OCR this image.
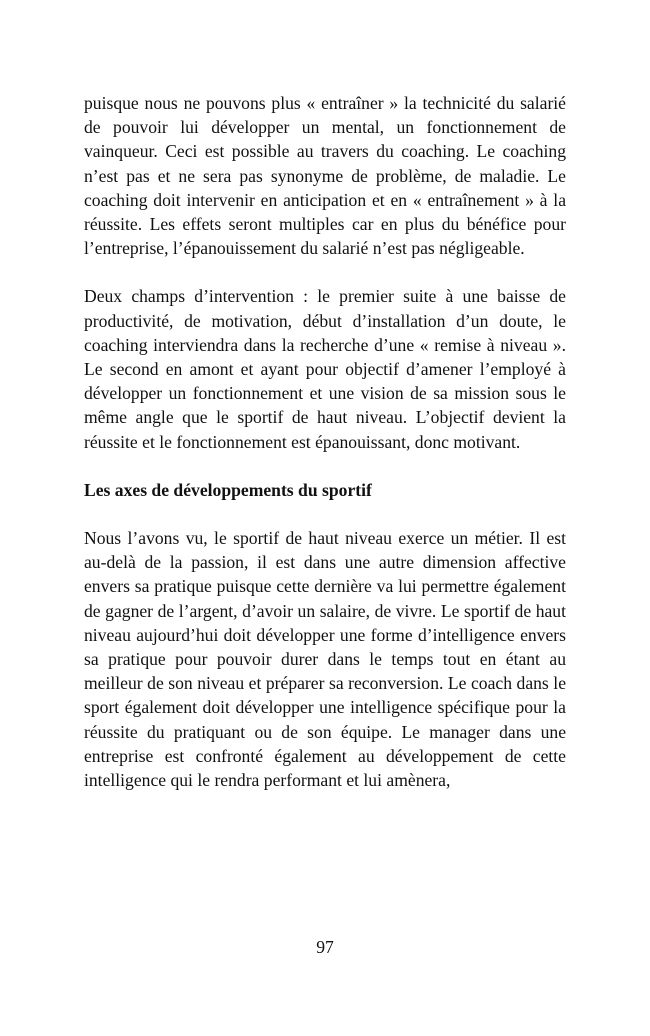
puisque nous ne pouvons plus « entraîner » la technicité du salarié de pouvoir lui développer un mental, un fonctionnement de vainqueur. Ceci est possible au travers du coaching. Le coaching n’est pas et ne sera pas synonyme de problème, de maladie. Le coaching doit intervenir en anticipation et en « entraînement » à la réussite. Les effets seront multiples car en plus du bénéfice pour l’entreprise, l’épanouissement du salarié n’est pas négligeable.

Deux champs d’intervention : le premier suite à une baisse de productivité, de motivation, début d’installation d’un doute, le coaching interviendra dans la recherche d’une « remise à niveau ». Le second en amont et ayant pour objectif d’amener l’employé à développer un fonctionnement et une vision de sa mission sous le même angle que le sportif de haut niveau. L’objectif devient la réussite et le fonctionnement est épanouissant, donc motivant.

Les axes de développements du sportif

Nous l’avons vu, le sportif de haut niveau exerce un métier. Il est au-delà de la passion, il est dans une autre dimension affective envers sa pratique puisque cette dernière va lui permettre également de gagner de l’argent, d’avoir un salaire, de vivre. Le sportif de haut niveau aujourd’hui doit développer une forme d’intelligence envers sa pratique pour pouvoir durer dans le temps tout en étant au meilleur de son niveau et préparer sa reconversion. Le coach dans le sport également doit développer une intelligence spécifique pour la réussite du pratiquant ou de son équipe. Le manager dans une entreprise est confronté également au développement de cette intelligence qui le rendra performant et lui amènera,

97
